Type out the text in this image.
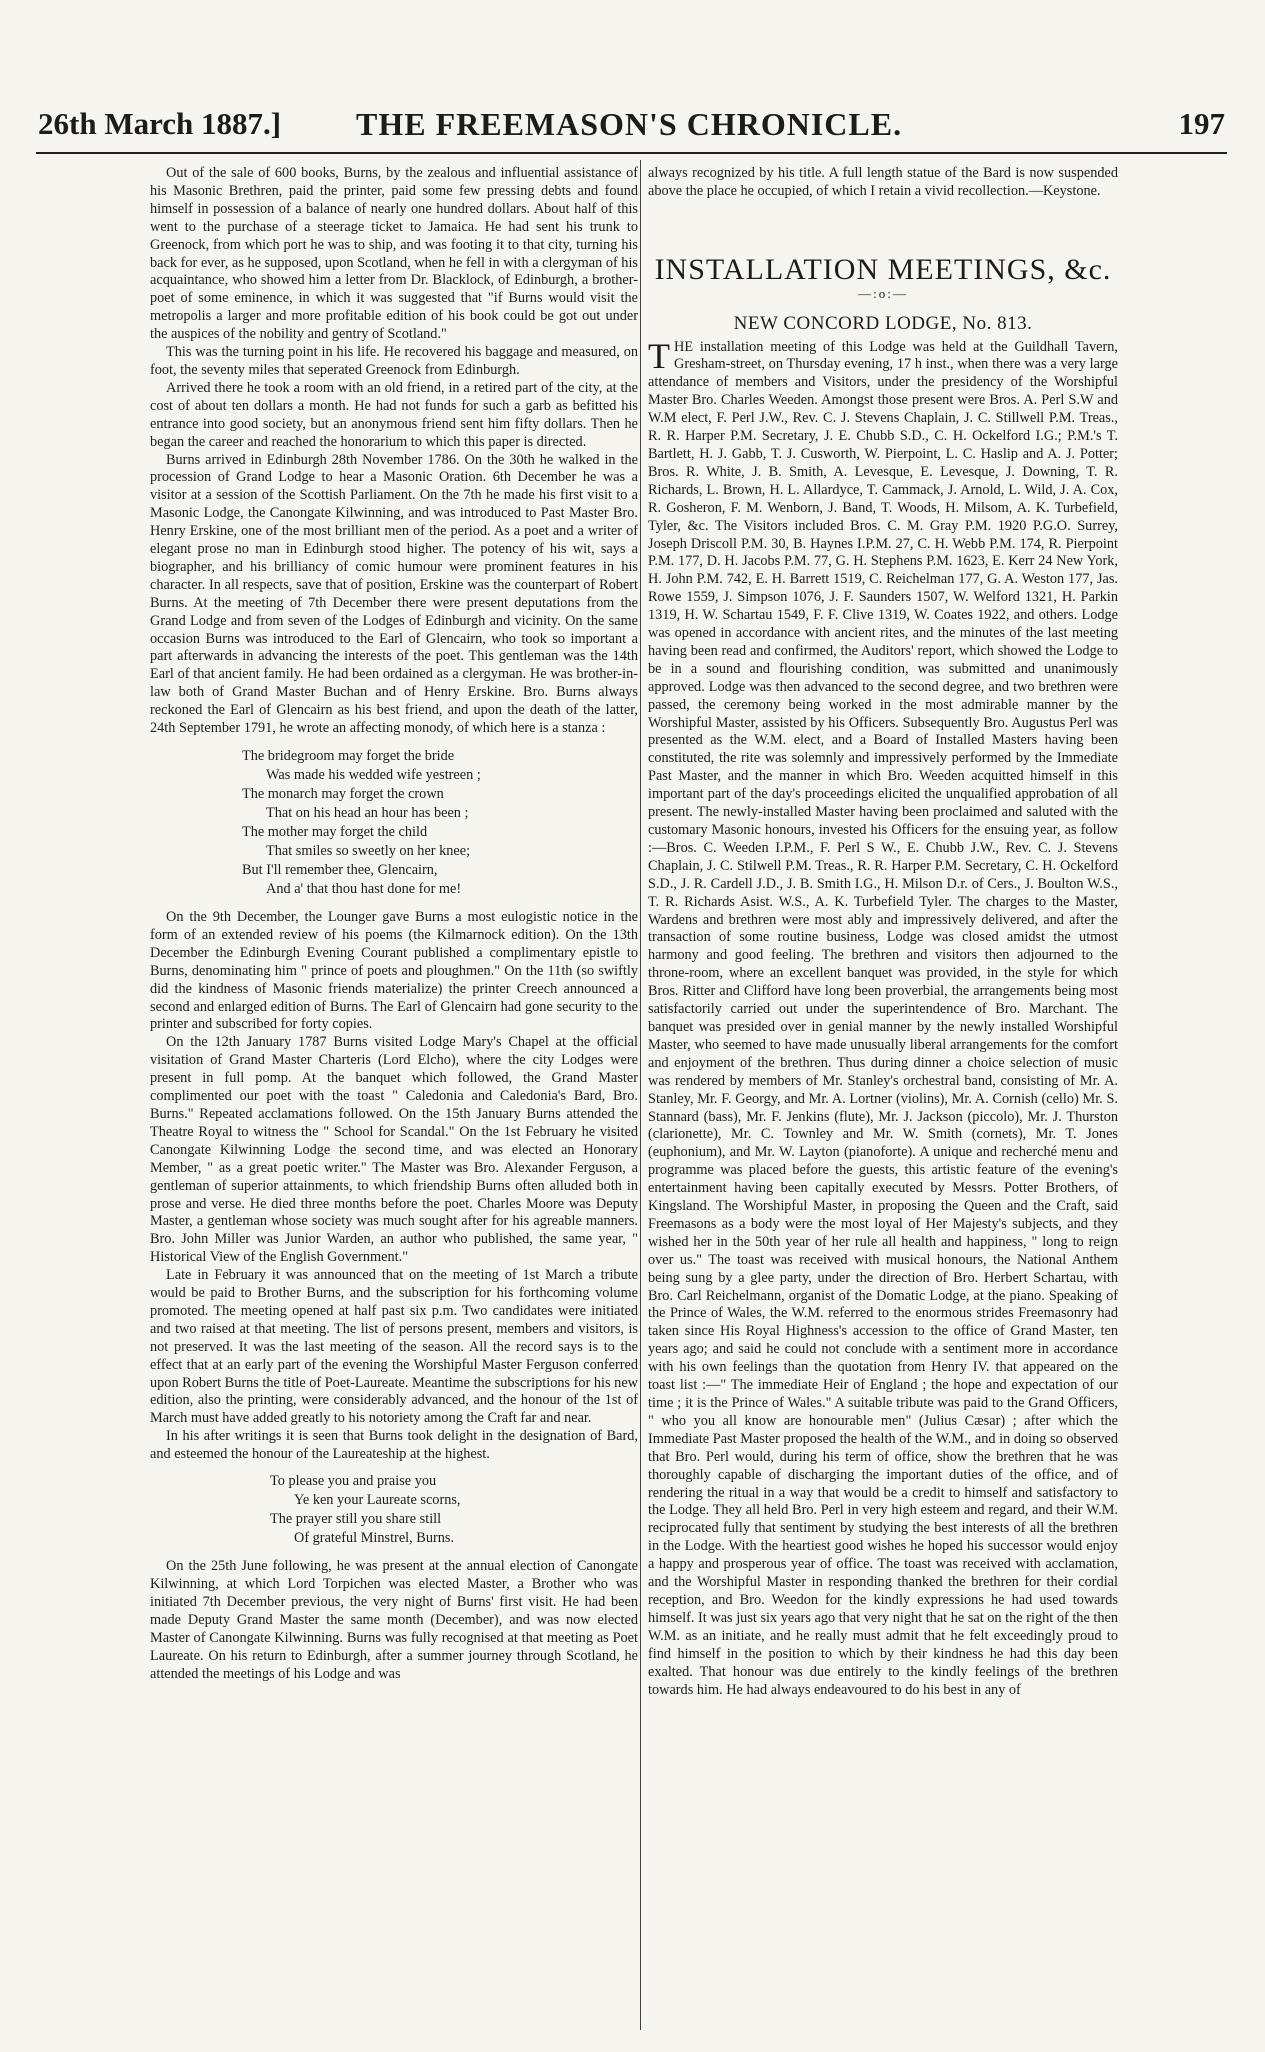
26th March 1887.] THE FREEMASON'S CHRONICLE.	197

Out of the sale of 600 books, Burns, by the zealous and influential assistance of his Masonic Brethren, paid the printer, paid some few pressing debts and found himself in possession of a balance of nearly one hundred dollars. About half of this went to the purchase of a steerage ticket to Jamaica. He had sent his trunk to Greenock, from which port he was to ship, and was footing it to that city, turning his back for ever, as he supposed, upon Scotland, when he fell in with a clergyman of his acquaintance, who showed him a letter from Dr. Blacklock, of Edinburgh, a brother-poet of some eminence, in which it was suggested that "if Burns would visit the metropolis a larger and more profitable edition of his book could be got out under the auspices of the nobility and gentry of Scotland."

This was the turning point in his life. He recovered his baggage and measured, on foot, the seventy miles that seperated Greenock from Edinburgh.

Arrived there he took a room with an old friend, in a retired part of the city, at the cost of about ten dollars a month. He had not funds for such a garb as befitted his entrance into good society, but an anonymous friend sent him fifty dollars. Then he began the career and reached the honorarium to which this paper is directed.

Burns arrived in Edinburgh 28th November 1786. On the 30th he walked in the procession of Grand Lodge to hear a Masonic Oration. 6th December he was a visitor at a session of the Scottish Parliament. On the 7th he made his first visit to a Masonic Lodge, the Canongate Kilwinning, and was introduced to Past Master Bro. Henry Erskine, one of the most brilliant men of the period. As a poet and a writer of elegant prose no man in Edinburgh stood higher. The potency of his wit, says a biographer, and his brilliancy of comic humour were prominent features in his character. In all respects, save that of position, Erskine was the counterpart of Robert Burns. At the meeting of 7th December there were present deputations from the Grand Lodge and from seven of the Lodges of Edinburgh and vicinity. On the same occasion Burns was introduced to the Earl of Glencairn, who took so important a part afterwards in advancing the interests of the poet. This gentleman was the 14th Earl of that ancient family. He had been ordained as a clergyman. He was brother-in-law both of Grand Master Buchan and of Henry Erskine. Bro. Burns always reckoned the Earl of Glencairn as his best friend, and upon the death of the latter, 24th September 1791, he wrote an affecting monody, of which here is a stanza :

The bridegroom may forget the bride
Was made his wedded wife yestreen ;
The monarch may forget the crown
That on his head an hour has been ;
The mother may forget the child
That smiles so sweetly on her knee;
But I'll remember thee, Glencairn,
And a' that thou hast done for me!

On the 9th December, the Lounger gave Burns a most eulogistic notice in the form of an extended review of his poems (the Kilmarnock edition). On the 13th December the Edinburgh Evening Courant published a complimentary epistle to Burns, denominating him " prince of poets and ploughmen." On the 11th (so swiftly did the kindness of Masonic friends materialize) the printer Creech announced a second and enlarged edition of Burns. The Earl of Glencairn had gone security to the printer and subscribed for forty copies.

On the 12th January 1787 Burns visited Lodge Mary's Chapel at the official visitation of Grand Master Charteris (Lord Elcho), where the city Lodges were present in full pomp. At the banquet which followed, the Grand Master complimented our poet with the toast " Caledonia and Caledonia's Bard, Bro. Burns." Repeated acclamations followed. On the 15th January Burns attended the Theatre Royal to witness the " School for Scandal." On the 1st February he visited Canongate Kilwinning Lodge the second time, and was elected an Honorary Member, " as a great poetic writer." The Master was Bro. Alexander Ferguson, a gentleman of superior attainments, to which friendship Burns often alluded both in prose and verse. He died three months before the poet. Charles Moore was Deputy Master, a gentleman whose society was much sought after for his agreable manners. Bro. John Miller was Junior Warden, an author who published, the same year, " Historical View of the English Government."

Late in February it was announced that on the meeting of 1st March a tribute would be paid to Brother Burns, and the subscription for his forthcoming volume promoted. The meeting opened at half past six p.m. Two candidates were initiated and two raised at that meeting. The list of persons present, members and visitors, is not preserved. It was the last meeting of the season. All the record says is to the effect that at an early part of the evening the Worshipful Master Ferguson conferred upon Robert Burns the title of Poet-Laureate. Meantime the subscriptions for his new edition, also the printing, were considerably advanced, and the honour of the 1st of March must have added greatly to his notoriety among the Craft far and near.

In his after writings it is seen that Burns took delight in the designation of Bard, and esteemed the honour of the Laureateship at the highest.

To please you and praise you
Ye ken your Laureate scorns,
The prayer still you share still
Of grateful Minstrel, Burns.

On the 25th June following, he was present at the annual election of Canongate Kilwinning, at which Lord Torpichen was elected Master, a Brother who was initiated 7th December previous, the very night of Burns' first visit. He had been made Deputy Grand Master the same month (December), and was now elected Master of Canongate Kilwinning. Burns was fully recognised at that meeting as Poet Laureate. On his return to Edinburgh, after a summer journey through Scotland, he attended the meetings of his Lodge and was

always recognized by his title. A full length statue of the Bard is now suspended above the place he occupied, of which I retain a vivid recollection.—Keystone.

INSTALLATION MEETINGS, &c.
—:o:—
NEW CONCORD LODGE, No. 813.

THE installation meeting of this Lodge was held at the Guildhall Tavern, Gresham-street, on Thursday evening, 17 h inst., when there was a very large attendance of members and Visitors, under the presidency of the Worshipful Master Bro. Charles Weeden. Amongst those present were Bros. A. Perl S.W and W.M elect, F. Perl J.W., Rev. C. J. Stevens Chaplain, J. C. Stillwell P.M. Treas., R. R. Harper P.M. Secretary, J. E. Chubb S.D., C. H. Ockelford I.G.; P.M.'s T. Bartlett, H. J. Gabb, T. J. Cusworth, W. Pierpoint, L. C. Haslip and A. J. Potter; Bros. R. White, J. B. Smith, A. Levesque, E. Levesque, J. Downing, T. R. Richards, L. Brown, H. L. Allardyce, T. Cammack, J. Arnold, L. Wild, J. A. Cox, R. Gosheron, F. M. Wenborn, J. Band, T. Woods, H. Milsom, A. K. Turbefield, Tyler, &c. The Visitors included Bros. C. M. Gray P.M. 1920 P.G.O. Surrey, Joseph Driscoll P.M. 30, B. Haynes I.P.M. 27, C. H. Webb P.M. 174, R. Pierpoint P.M. 177, D. H. Jacobs P.M. 77, G. H. Stephens P.M. 1623, E. Kerr 24 New York, H. John P.M. 742, E. H. Barrett 1519, C. Reichelman 177, G. A. Weston 177, Jas. Rowe 1559, J. Simpson 1076, J. F. Saunders 1507, W. Welford 1321, H. Parkin 1319, H. W. Schartau 1549, F. F. Clive 1319, W. Coates 1922, and others. Lodge was opened in accordance with ancient rites, and the minutes of the last meeting having been read and confirmed, the Auditors' report, which showed the Lodge to be in a sound and flourishing condition, was submitted and unanimously approved. Lodge was then advanced to the second degree, and two brethren were passed, the ceremony being worked in the most admirable manner by the Worshipful Master, assisted by his Officers. Subsequently Bro. Augustus Perl was presented as the W.M. elect, and a Board of Installed Masters having been constituted, the rite was solemnly and impressively performed by the Immediate Past Master, and the manner in which Bro. Weeden acquitted himself in this important part of the day's proceedings elicited the unqualified approbation of all present. The newly-installed Master having been proclaimed and saluted with the customary Masonic honours, invested his Officers for the ensuing year, as follow :—Bros. C. Weeden I.P.M., F. Perl S W., E. Chubb J.W., Rev. C. J. Stevens Chaplain, J. C. Stilwell P.M. Treas., R. R. Harper P.M. Secretary, C. H. Ockelford S.D., J. R. Cardell J.D., J. B. Smith I.G., H. Milson D.r. of Cers., J. Boulton W.S., T. R. Richards Asist. W.S., A. K. Turbefield Tyler. The charges to the Master, Wardens and brethren were most ably and impressively delivered, and after the transaction of some routine business, Lodge was closed amidst the utmost harmony and good feeling. The brethren and visitors then adjourned to the throne-room, where an excellent banquet was provided, in the style for which Bros. Ritter and Clifford have long been proverbial, the arrangements being most satisfactorily carried out under the superintendence of Bro. Marchant. The banquet was presided over in genial manner by the newly installed Worshipful Master, who seemed to have made unusually liberal arrangements for the comfort and enjoyment of the brethren. Thus during dinner a choice selection of music was rendered by members of Mr. Stanley's orchestral band, consisting of Mr. A. Stanley, Mr. F. Georgy, and Mr. A. Lortner (violins), Mr. A. Cornish (cello) Mr. S. Stannard (bass), Mr. F. Jenkins (flute), Mr. J. Jackson (piccolo), Mr. J. Thurston (clarionette), Mr. C. Townley and Mr. W. Smith (cornets), Mr. T. Jones (euphonium), and Mr. W. Layton (pianoforte). A unique and recherché menu and programme was placed before the guests, this artistic feature of the evening's entertainment having been capitally executed by Messrs. Potter Brothers, of Kingsland. The Worshipful Master, in proposing the Queen and the Craft, said Freemasons as a body were the most loyal of Her Majesty's subjects, and they wished her in the 50th year of her rule all health and happiness, " long to reign over us." The toast was received with musical honours, the National Anthem being sung by a glee party, under the direction of Bro. Herbert Schartau, with Bro. Carl Reichelmann, organist of the Domatic Lodge, at the piano. Speaking of the Prince of Wales, the W.M. referred to the enormous strides Freemasonry had taken since His Royal Highness's accession to the office of Grand Master, ten years ago; and said he could not conclude with a sentiment more in accordance with his own feelings than the quotation from Henry IV. that appeared on the toast list :—" The immediate Heir of England ; the hope and expectation of our time ; it is the Prince of Wales." A suitable tribute was paid to the Grand Officers, " who you all know are honourable men" (Julius Cæsar) ; after which the Immediate Past Master proposed the health of the W.M., and in doing so observed that Bro. Perl would, during his term of office, show the brethren that he was thoroughly capable of discharging the important duties of the office, and of rendering the ritual in a way that would be a credit to himself and satisfactory to the Lodge. They all held Bro. Perl in very high esteem and regard, and their W.M. reciprocated fully that sentiment by studying the best interests of all the brethren in the Lodge. With the heartiest good wishes he hoped his successor would enjoy a happy and prosperous year of office. The toast was received with acclamation, and the Worshipful Master in responding thanked the brethren for their cordial reception, and Bro. Weedon for the kindly expressions he had used towards himself. It was just six years ago that very night that he sat on the right of the then W.M. as an initiate, and he really must admit that he felt exceedingly proud to find himself in the position to which by their kindness he had this day been exalted. That honour was due entirely to the kindly feelings of the brethren towards him. He had always endeavoured to do his best in any of
